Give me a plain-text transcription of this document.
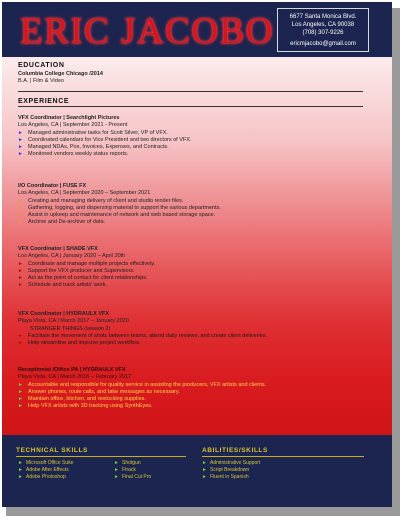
ERIC JACOBO	6677 Santa Monica Blvd.
Los Angeles, CA 90038
(708) 307-9226
ericmjacobo@gmail.com
EDUCATION
Columbia College Chicago /2014
B.A. | Film & Video
EXPERIENCE
VFX Coordinator | Searchlight Pictures
Los Angeles, CA | September 2021 - Present
► Managed administrative tasks for Scott Silver, VP of VFX.
► Coordinated calendars for Vice President and two directors of VFX.
► Managed NDAs, Pos, Invoices, Expenses, and Contracts.
► Monitored vendors weekly status reports.
I/O Coordinator | FUSE FX
Los Angeles, CA | September 2020 – September 2021
► Creating and managing delivery of client and studio render files.
► Gathering, logging, and dispersing material to support the various departments.
► Assist in upkeep and maintenance of network and web based storage space.
► Archive and De-archive of data.
VFX Coordinator | SHADE VFX
Los Angeles, CA | January 2020 – April 30th
► Coordinate and manage multiple projects effectively.
► Support the VFX producer and Supervisors.
► Act as the point of contact for client relationships.
► Schedule and track artists' work.
VFX Coordinator | HYDRAULX VFX
Playa Vista, CA | March 2017 – January 2020
STRANGER THINGS (season 2)
► Facilitate the movement of shots between teams, attend daily reviews, and create client deliveries.
► Help streamline and improve project workflow.
Receptionist /Office PA | HYDRAULX VFX
Playa Vista, CA | March 2016 – February 2017
► Accountable and responsible for quality service in assisting the producers, VFX artists and clients.
► Answer phones, route calls, and take messages as necessary.
► Maintain office, kitchen, and restocking supplies.
► Help VFX artists with 3D tracking using SynthEyes.
TECHNICAL SKILLS	ABILITIES/SKILLS
► Microsoft Office Suite
► Adobe After Effects
► Adobe Photoshop
► Shotgun
► Ftrack
► Final Cut Pro
► Administrative Support
► Script Breakdown
► Fluent in Spanish
